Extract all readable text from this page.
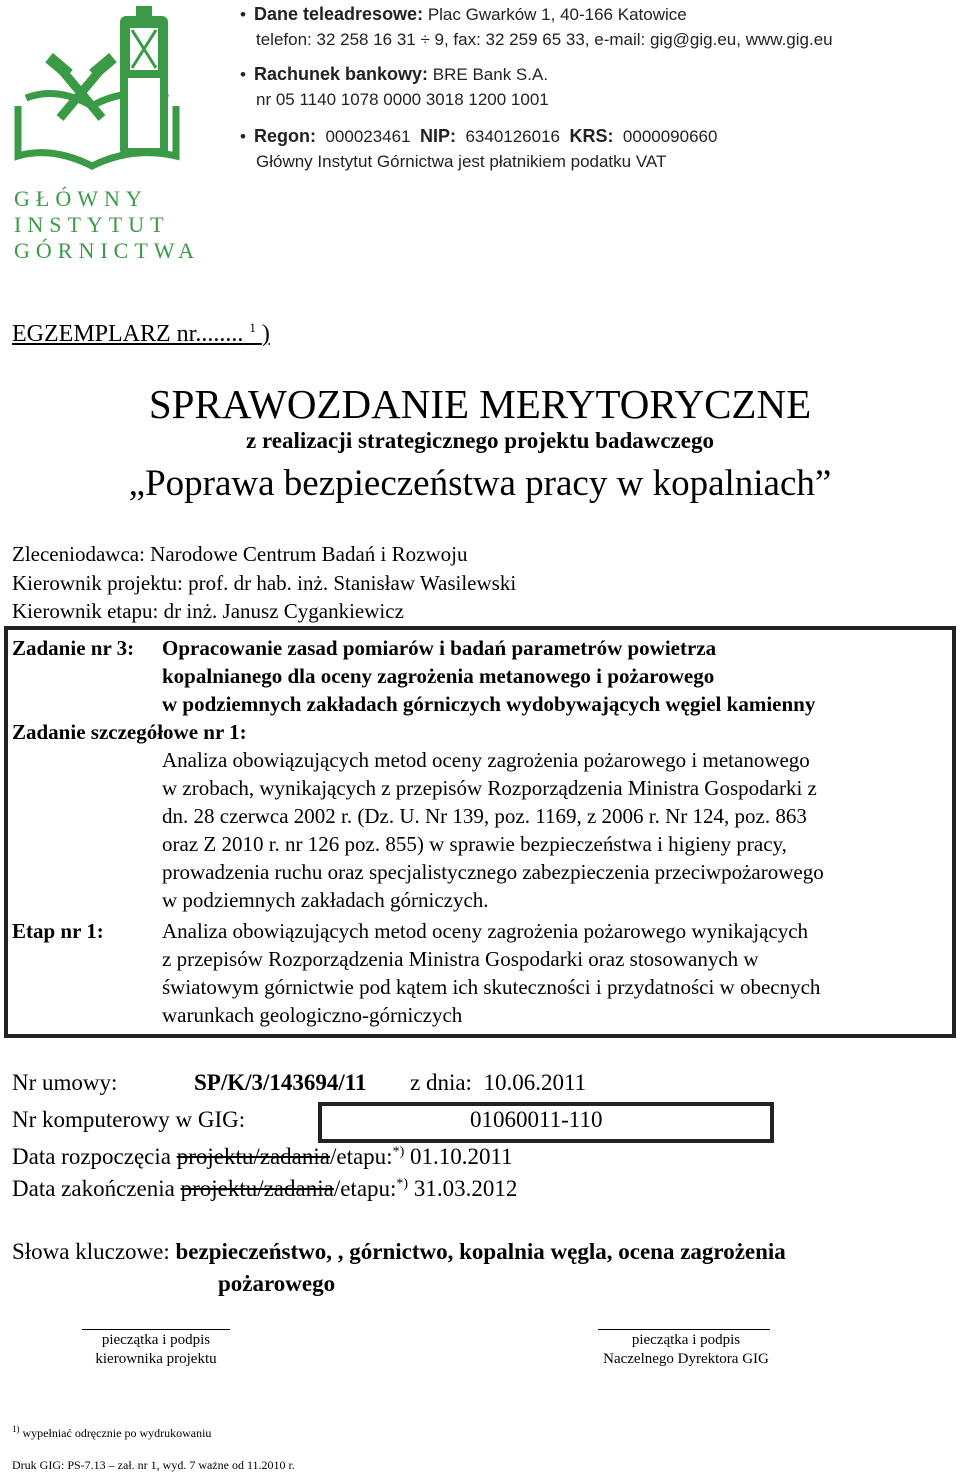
GŁÓWNY
INSTYTUT
GÓRNICTWA
• Dane teleadresowe: Plac Gwarków 1, 40-166 Katowice
telefon: 32 258 16 31 ÷ 9, fax: 32 259 65 33, e-mail: gig@gig.eu, www.gig.eu
• Rachunek bankowy: BRE Bank S.A.
nr 05 1140 1078 0000 3018 1200 1001
• Regon: 000023461 NIP: 6340126016 KRS: 0000090660
Główny Instytut Górnictwa jest płatnikiem podatku VAT
EGZEMPLARZ nr........ $^1$ )
SPRAWOZDANIE MERYTORYCZNE
z realizacji strategicznego projektu badawczego
„Poprawa bezpieczeństwa pracy w kopalniach”
Zleceniodawca: Narodowe Centrum Badań i Rozwoju
Kierownik projektu: prof. dr hab. inż. Stanisław Wasilewski
Kierownik etapu: dr inż. Janusz Cygankiewicz
Zadanie nr 3: Opracowanie zasad pomiarów i badań parametrów powietrza
kopalnianego dla oceny zagrożenia metanowego i pożarowego
w podziemnych zakładach górniczych wydobywających węgiel kamienny
Zadanie szczegółowe nr 1:
Analiza obowiązujących metod oceny zagrożenia pożarowego i metanowego
w zrobach, wynikających z przepisów Rozporządzenia Ministra Gospodarki z
dn. 28 czerwca 2002 r. (Dz. U. Nr 139, poz. 1169, z 2006 r. Nr 124, poz. 863
oraz Z 2010 r. nr 126 poz. 855) w sprawie bezpieczeństwa i higieny pracy,
prowadzenia ruchu oraz specjalistycznego zabezpieczenia przeciwpożarowego
w podziemnych zakładach górniczych.
Etap nr 1:	Analiza obowiązujących metod oceny zagrożenia pożarowego wynikających
z przepisów Rozporządzenia Ministra Gospodarki oraz stosowanych w
światowym górnictwie pod kątem ich skuteczności i przydatności w obecnych
warunkach geologiczno-górniczych
Nr umowy:	SP/K/3/143694/11 z dnia: 10.06.2011
Nr komputerowy w GIG:	01060011-110
Data rozpoczęcia projektu/zadania/etapu:*) 01.10.2011
Data zakończenia projektu/zadania/etapu:*) 31.03.2012
Słowa kluczowe: bezpieczeństwo, , górnictwo, kopalnia węgla, ocena zagrożenia
pożarowego
pieczątka i podpis
kierownika projektu
pieczątka i podpis
Naczelnego Dyrektora GIG
$^{1)}$ wypełniać odręcznie po wydrukowaniu
Druk GIG: PS-7.13 – zał. nr 1, wyd. 7 ważne od 11.2010 r.
